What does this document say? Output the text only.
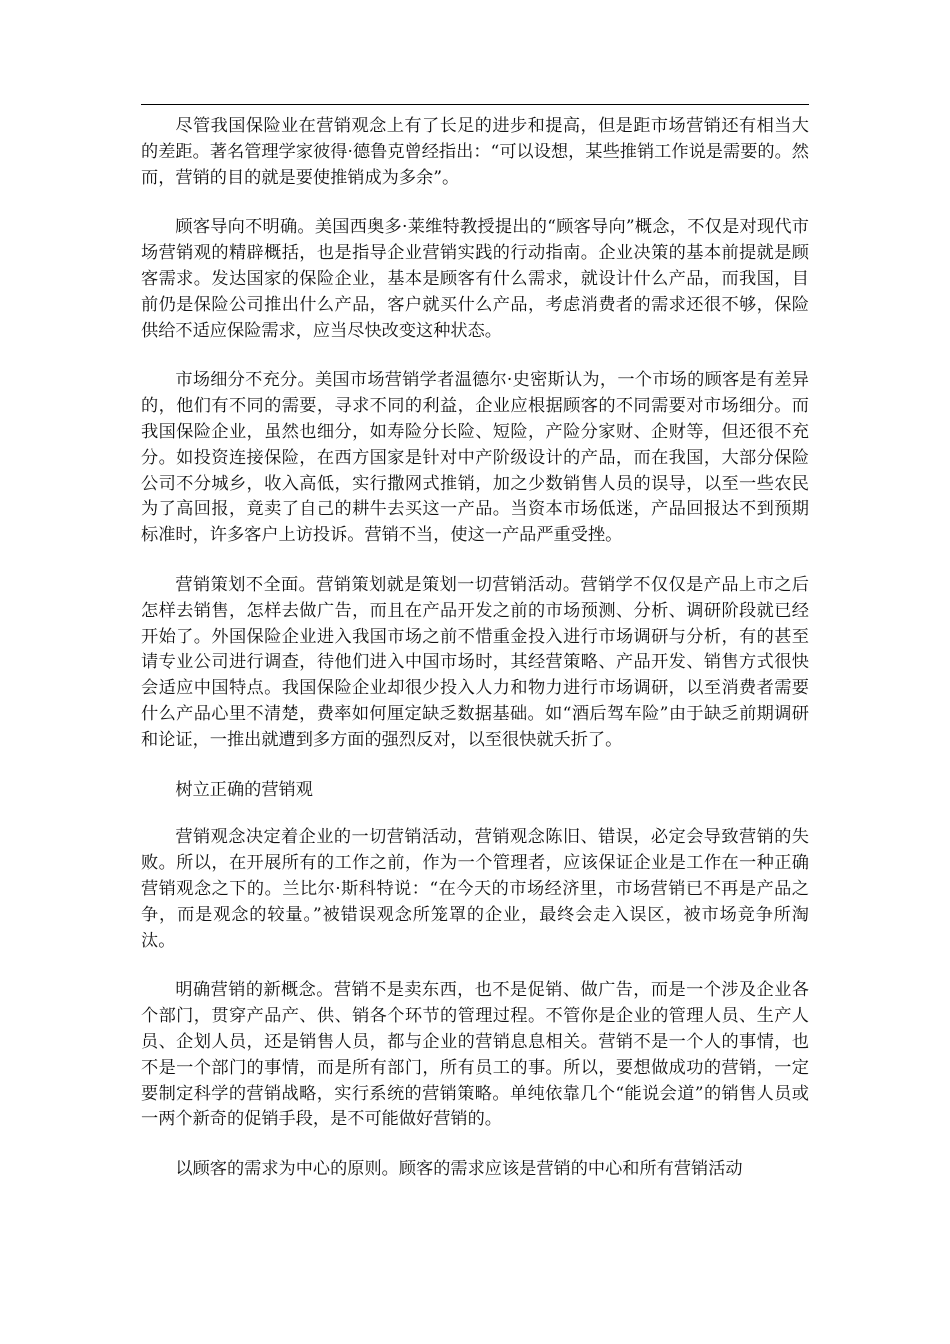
尽管我国保险业在营销观念上有了长足的进步和提高，但是距市场营销还有相当大的差距。著名管理学家彼得·德鲁克曾经指出：“可以设想，某些推销工作说是需要的。然而，营销的目的就是要使推销成为多余”。

顾客导向不明确。美国西奥多·莱维特教授提出的“顾客导向”概念，不仅是对现代市场营销观的精辟概括，也是指导企业营销实践的行动指南。企业决策的基本前提就是顾客需求。发达国家的保险企业，基本是顾客有什么需求，就设计什么产品，而我国，目前仍是保险公司推出什么产品，客户就买什么产品，考虑消费者的需求还很不够，保险供给不适应保险需求，应当尽快改变这种状态。

市场细分不充分。美国市场营销学者温德尔·史密斯认为，一个市场的顾客是有差异的，他们有不同的需要，寻求不同的利益，企业应根据顾客的不同需要对市场细分。而我国保险企业，虽然也细分，如寿险分长险、短险，产险分家财、企财等，但还很不充分。如投资连接保险，在西方国家是针对中产阶级设计的产品，而在我国，大部分保险公司不分城乡，收入高低，实行撒网式推销，加之少数销售人员的误导，以至一些农民为了高回报，竟卖了自己的耕牛去买这一产品。当资本市场低迷，产品回报达不到预期标准时，许多客户上访投诉。营销不当，使这一产品严重受挫。

营销策划不全面。营销策划就是策划一切营销活动。营销学不仅仅是产品上市之后怎样去销售，怎样去做广告，而且在产品开发之前的市场预测、分析、调研阶段就已经开始了。外国保险企业进入我国市场之前不惜重金投入进行市场调研与分析，有的甚至请专业公司进行调查，待他们进入中国市场时，其经营策略、产品开发、销售方式很快会适应中国特点。我国保险企业却很少投入人力和物力进行市场调研，以至消费者需要什么产品心里不清楚，费率如何厘定缺乏数据基础。如“酒后驾车险”由于缺乏前期调研和论证，一推出就遭到多方面的强烈反对，以至很快就夭折了。

树立正确的营销观

营销观念决定着企业的一切营销活动，营销观念陈旧、错误，必定会导致营销的失败。所以，在开展所有的工作之前，作为一个管理者，应该保证企业是工作在一种正确营销观念之下的。兰比尔·斯科特说：“在今天的市场经济里，市场营销已不再是产品之争，而是观念的较量。”被错误观念所笼罩的企业，最终会走入误区，被市场竞争所淘汰。

明确营销的新概念。营销不是卖东西，也不是促销、做广告，而是一个涉及企业各个部门，贯穿产品产、供、销各个环节的管理过程。不管你是企业的管理人员、生产人员、企划人员，还是销售人员，都与企业的营销息息相关。营销不是一个人的事情，也不是一个部门的事情，而是所有部门，所有员工的事。所以，要想做成功的营销，一定要制定科学的营销战略，实行系统的营销策略。单纯依靠几个“能说会道”的销售人员或一两个新奇的促销手段，是不可能做好营销的。

以顾客的需求为中心的原则。顾客的需求应该是营销的中心和所有营销活动
